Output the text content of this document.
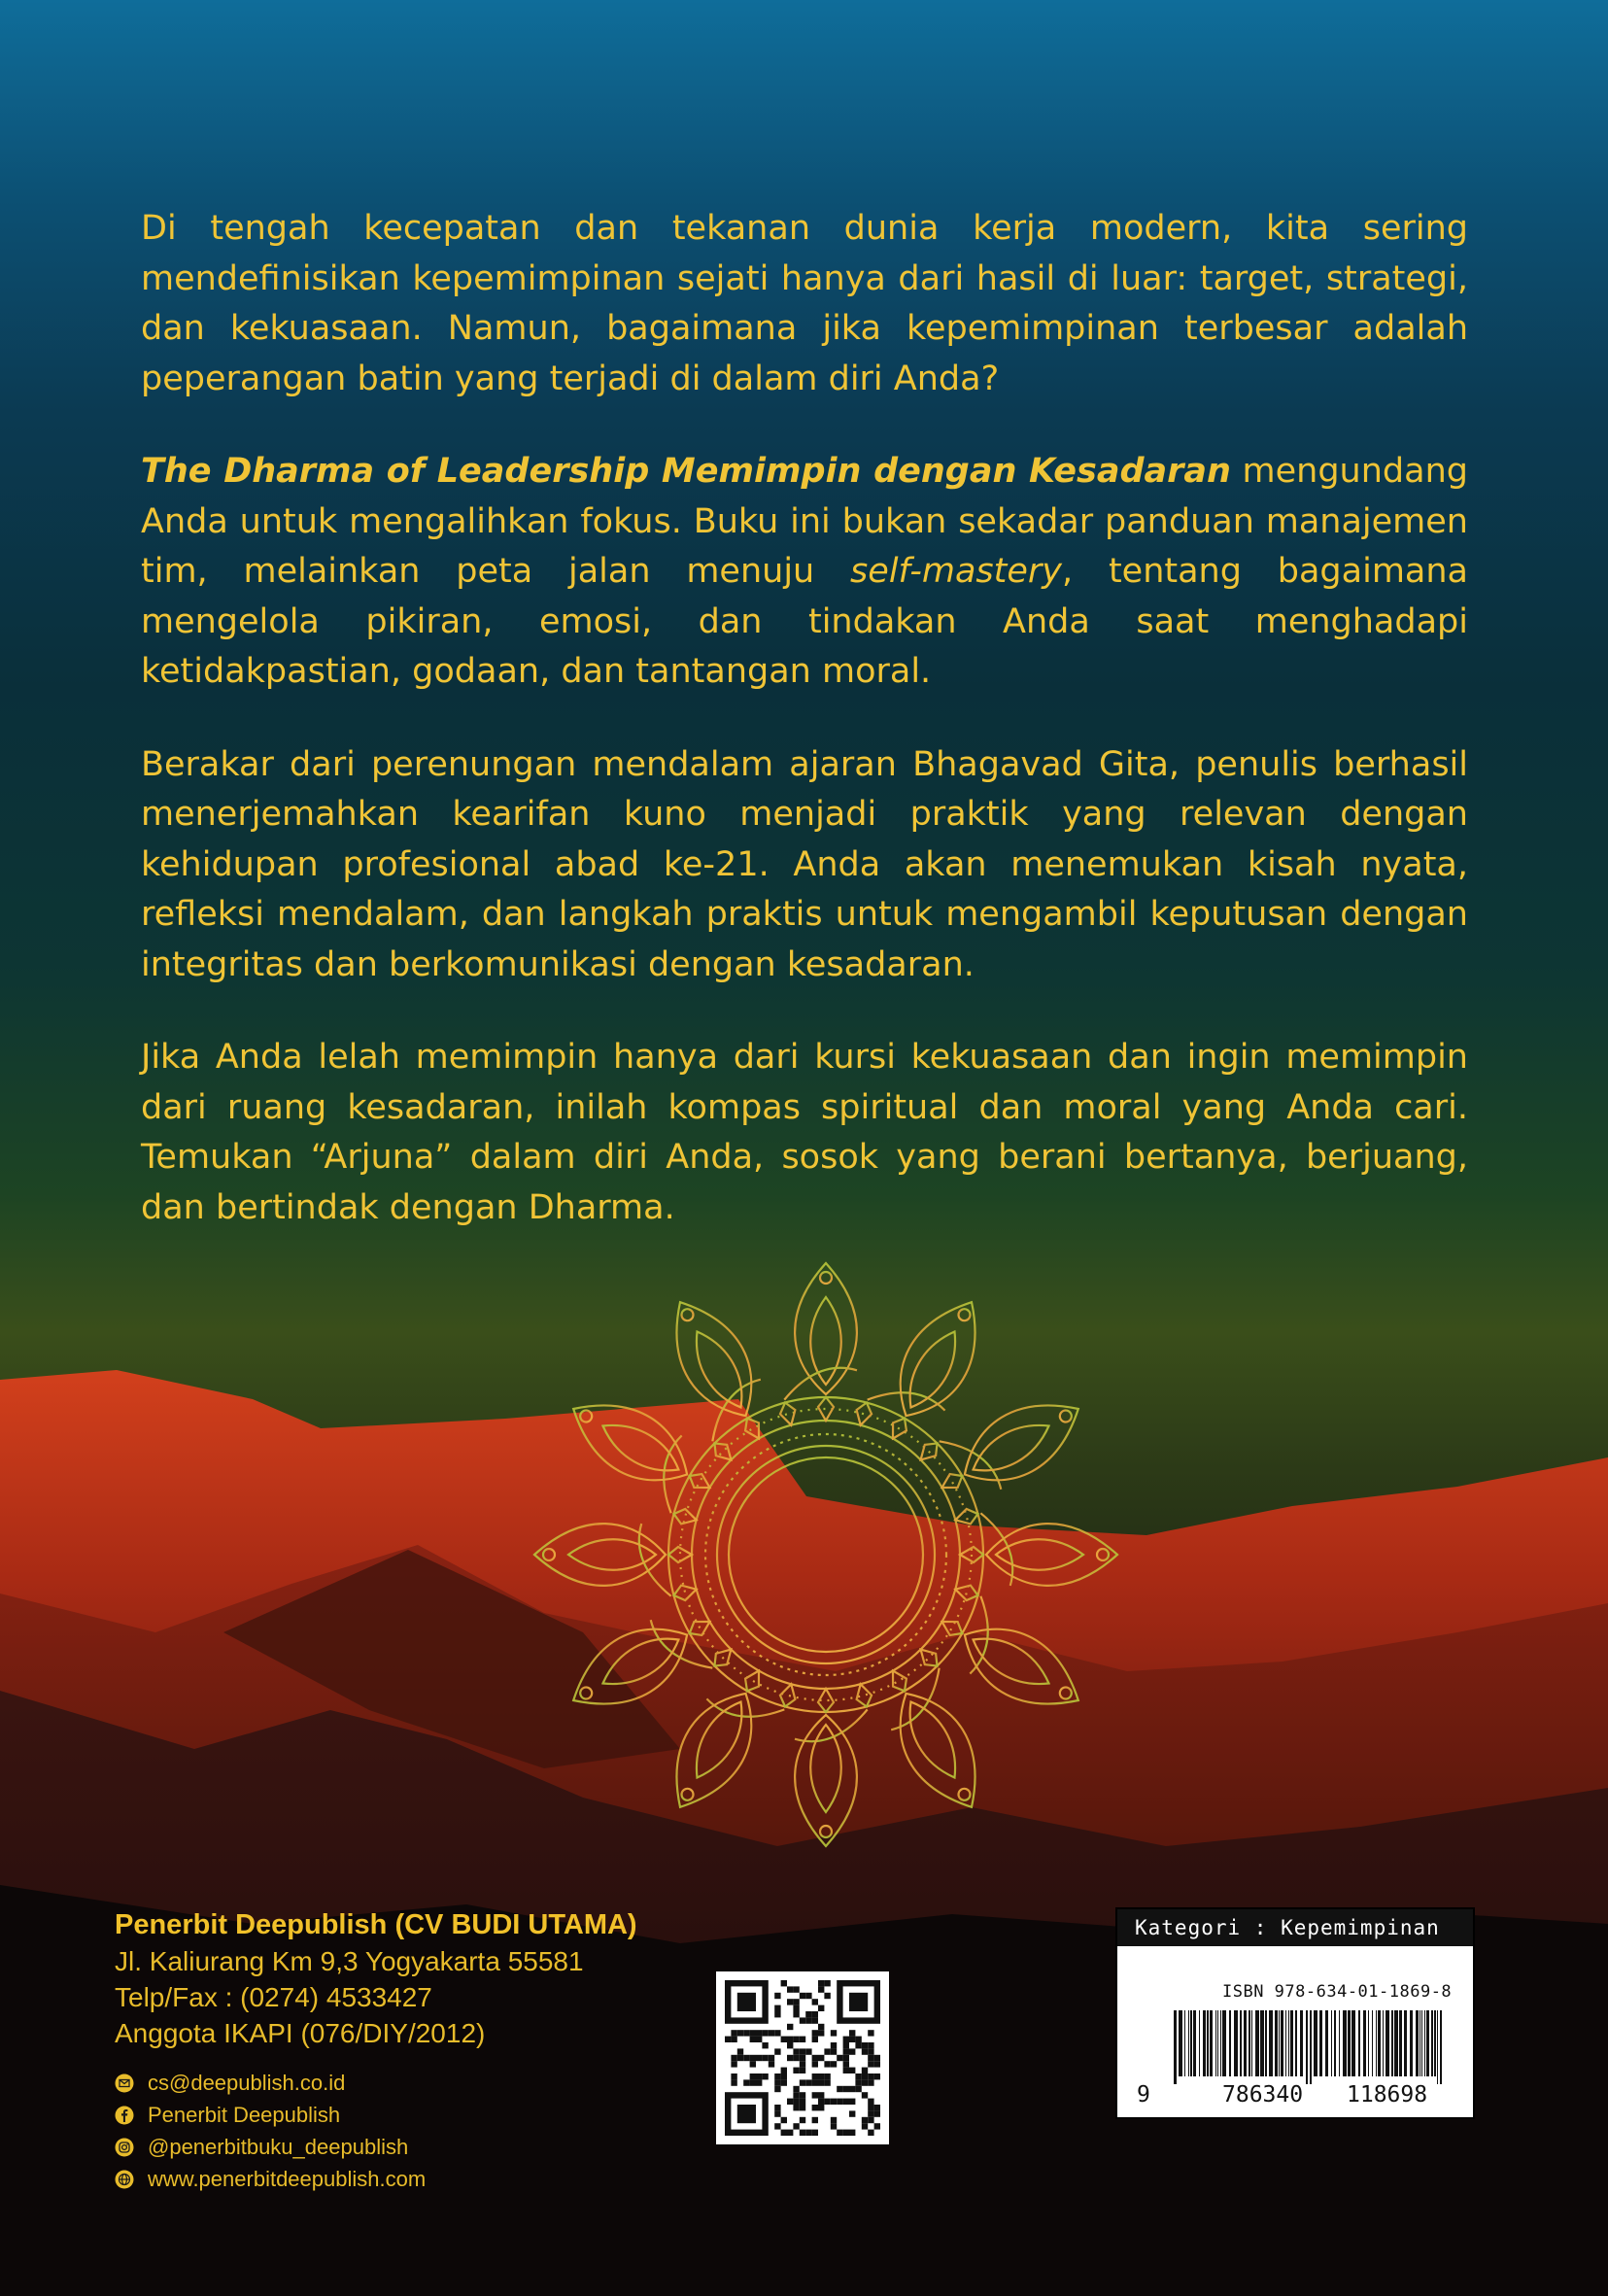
Di tengah kecepatan dan tekanan dunia kerja modern, kita sering mendefinisikan kepemimpinan sejati hanya dari hasil di luar: target, strategi, dan kekuasaan. Namun, bagaimana jika kepemimpinan terbesar adalah peperangan batin yang terjadi di dalam diri Anda?

The Dharma of Leadership Memimpin dengan Kesadaran mengundang Anda untuk mengalihkan fokus. Buku ini bukan sekadar panduan manajemen tim, melainkan peta jalan menuju self-mastery, tentang bagaimana mengelola pikiran, emosi, dan tindakan Anda saat menghadapi ketidakpastian, godaan, dan tantangan moral.

Berakar dari perenungan mendalam ajaran Bhagavad Gita, penulis berhasil menerjemahkan kearifan kuno menjadi praktik yang relevan dengan kehidupan profesional abad ke-21. Anda akan menemukan kisah nyata, refleksi mendalam, dan langkah praktis untuk mengambil keputusan dengan integritas dan berkomunikasi dengan kesadaran.

Jika Anda lelah memimpin hanya dari kursi kekuasaan dan ingin memimpin dari ruang kesadaran, inilah kompas spiritual dan moral yang Anda cari. Temukan “Arjuna” dalam diri Anda, sosok yang berani bertanya, berjuang, dan bertindak dengan Dharma.

Penerbit Deepublish (CV BUDI UTAMA)
Jl. Kaliurang Km 9,3 Yogyakarta 55581
Telp/Fax : (0274) 4533427
Anggota IKAPI (076/DIY/2012)
cs@deepublish.co.id
Penerbit Deepublish
@penerbitbuku_deepublish
www.penerbitdeepublish.com
Kategori : Kepemimpinan
ISBN 978-634-01-1869-8
9	786340 118698
